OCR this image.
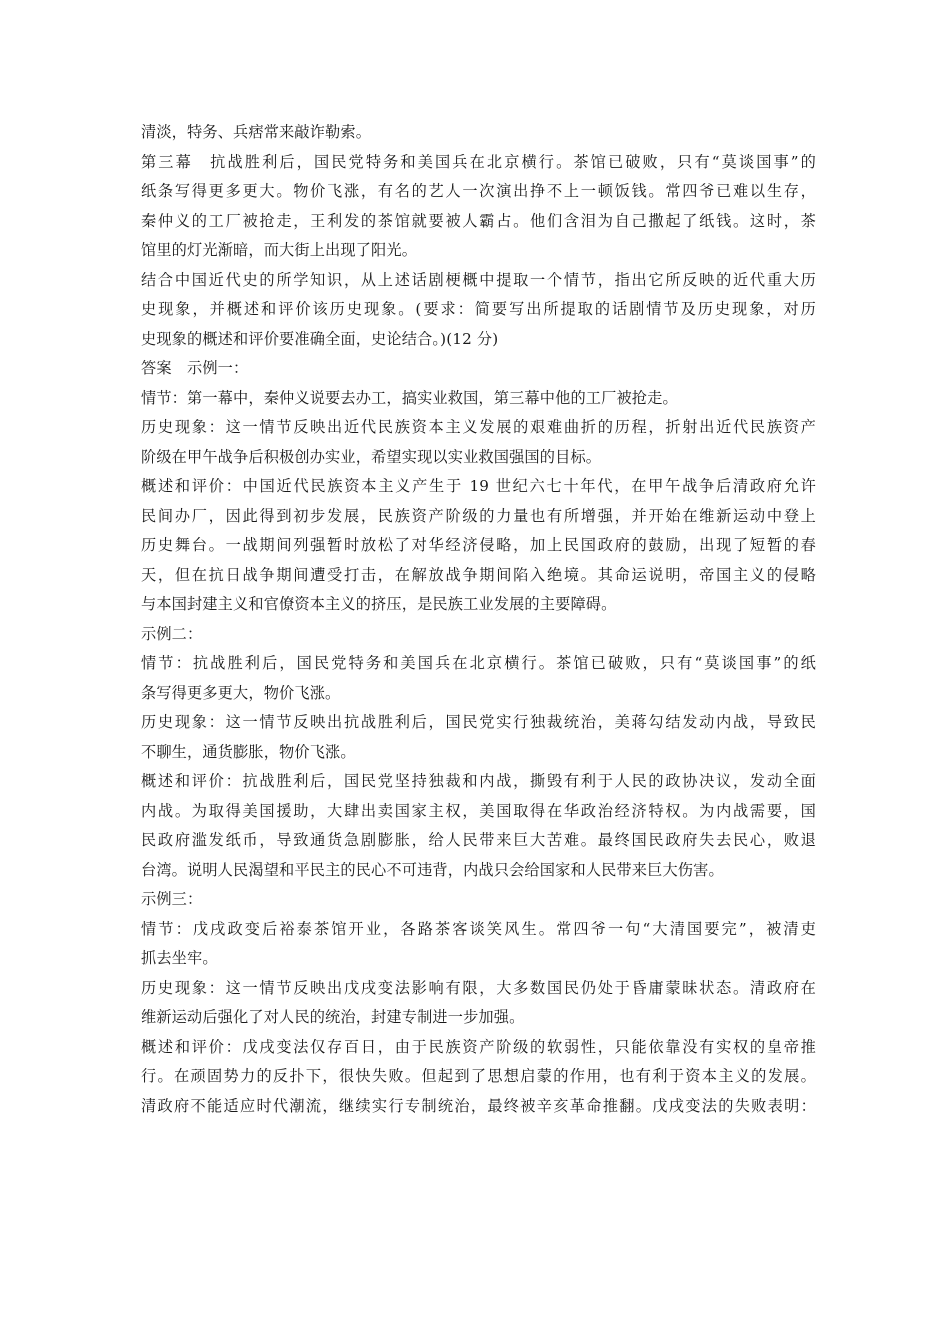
清淡，特务、兵痞常来敲诈勒索。
第三幕　抗战胜利后，国民党特务和美国兵在北京横行。茶馆已破败，只有“莫谈国事”的
纸条写得更多更大。物价飞涨，有名的艺人一次演出挣不上一顿饭钱。常四爷已难以生存，
秦仲义的工厂被抢走，王利发的茶馆就要被人霸占。他们含泪为自己撒起了纸钱。这时，茶
馆里的灯光渐暗，而大街上出现了阳光。
结合中国近代史的所学知识，从上述话剧梗概中提取一个情节，指出它所反映的近代重大历
史现象，并概述和评价该历史现象。(要求：简要写出所提取的话剧情节及历史现象，对历
史现象的概述和评价要准确全面，史论结合。)(12 分)
答案　示例一：
情节：第一幕中，秦仲义说要去办工，搞实业救国，第三幕中他的工厂被抢走。
历史现象：这一情节反映出近代民族资本主义发展的艰难曲折的历程，折射出近代民族资产
阶级在甲午战争后积极创办实业，希望实现以实业救国强国的目标。
概述和评价：中国近代民族资本主义产生于 19 世纪六七十年代，在甲午战争后清政府允许
民间办厂，因此得到初步发展，民族资产阶级的力量也有所增强，并开始在维新运动中登上
历史舞台。一战期间列强暂时放松了对华经济侵略，加上民国政府的鼓励，出现了短暂的春
天，但在抗日战争期间遭受打击，在解放战争期间陷入绝境。其命运说明，帝国主义的侵略
与本国封建主义和官僚资本主义的挤压，是民族工业发展的主要障碍。
示例二：
情节：抗战胜利后，国民党特务和美国兵在北京横行。茶馆已破败，只有“莫谈国事”的纸
条写得更多更大，物价飞涨。
历史现象：这一情节反映出抗战胜利后，国民党实行独裁统治，美蒋勾结发动内战，导致民
不聊生，通货膨胀，物价飞涨。
概述和评价：抗战胜利后，国民党坚持独裁和内战，撕毁有利于人民的政协决议，发动全面
内战。为取得美国援助，大肆出卖国家主权，美国取得在华政治经济特权。为内战需要，国
民政府滥发纸币，导致通货急剧膨胀，给人民带来巨大苦难。最终国民政府失去民心，败退
台湾。说明人民渴望和平民主的民心不可违背，内战只会给国家和人民带来巨大伤害。
示例三：
情节：戊戌政变后裕泰茶馆开业，各路茶客谈笑风生。常四爷一句“大清国要完”，被清吏
抓去坐牢。
历史现象：这一情节反映出戊戌变法影响有限，大多数国民仍处于昏庸蒙昧状态。清政府在
维新运动后强化了对人民的统治，封建专制进一步加强。
概述和评价：戊戌变法仅存百日，由于民族资产阶级的软弱性，只能依靠没有实权的皇帝推
行。在顽固势力的反扑下，很快失败。但起到了思想启蒙的作用，也有利于资本主义的发展。
清政府不能适应时代潮流，继续实行专制统治，最终被辛亥革命推翻。戊戌变法的失败表明：
